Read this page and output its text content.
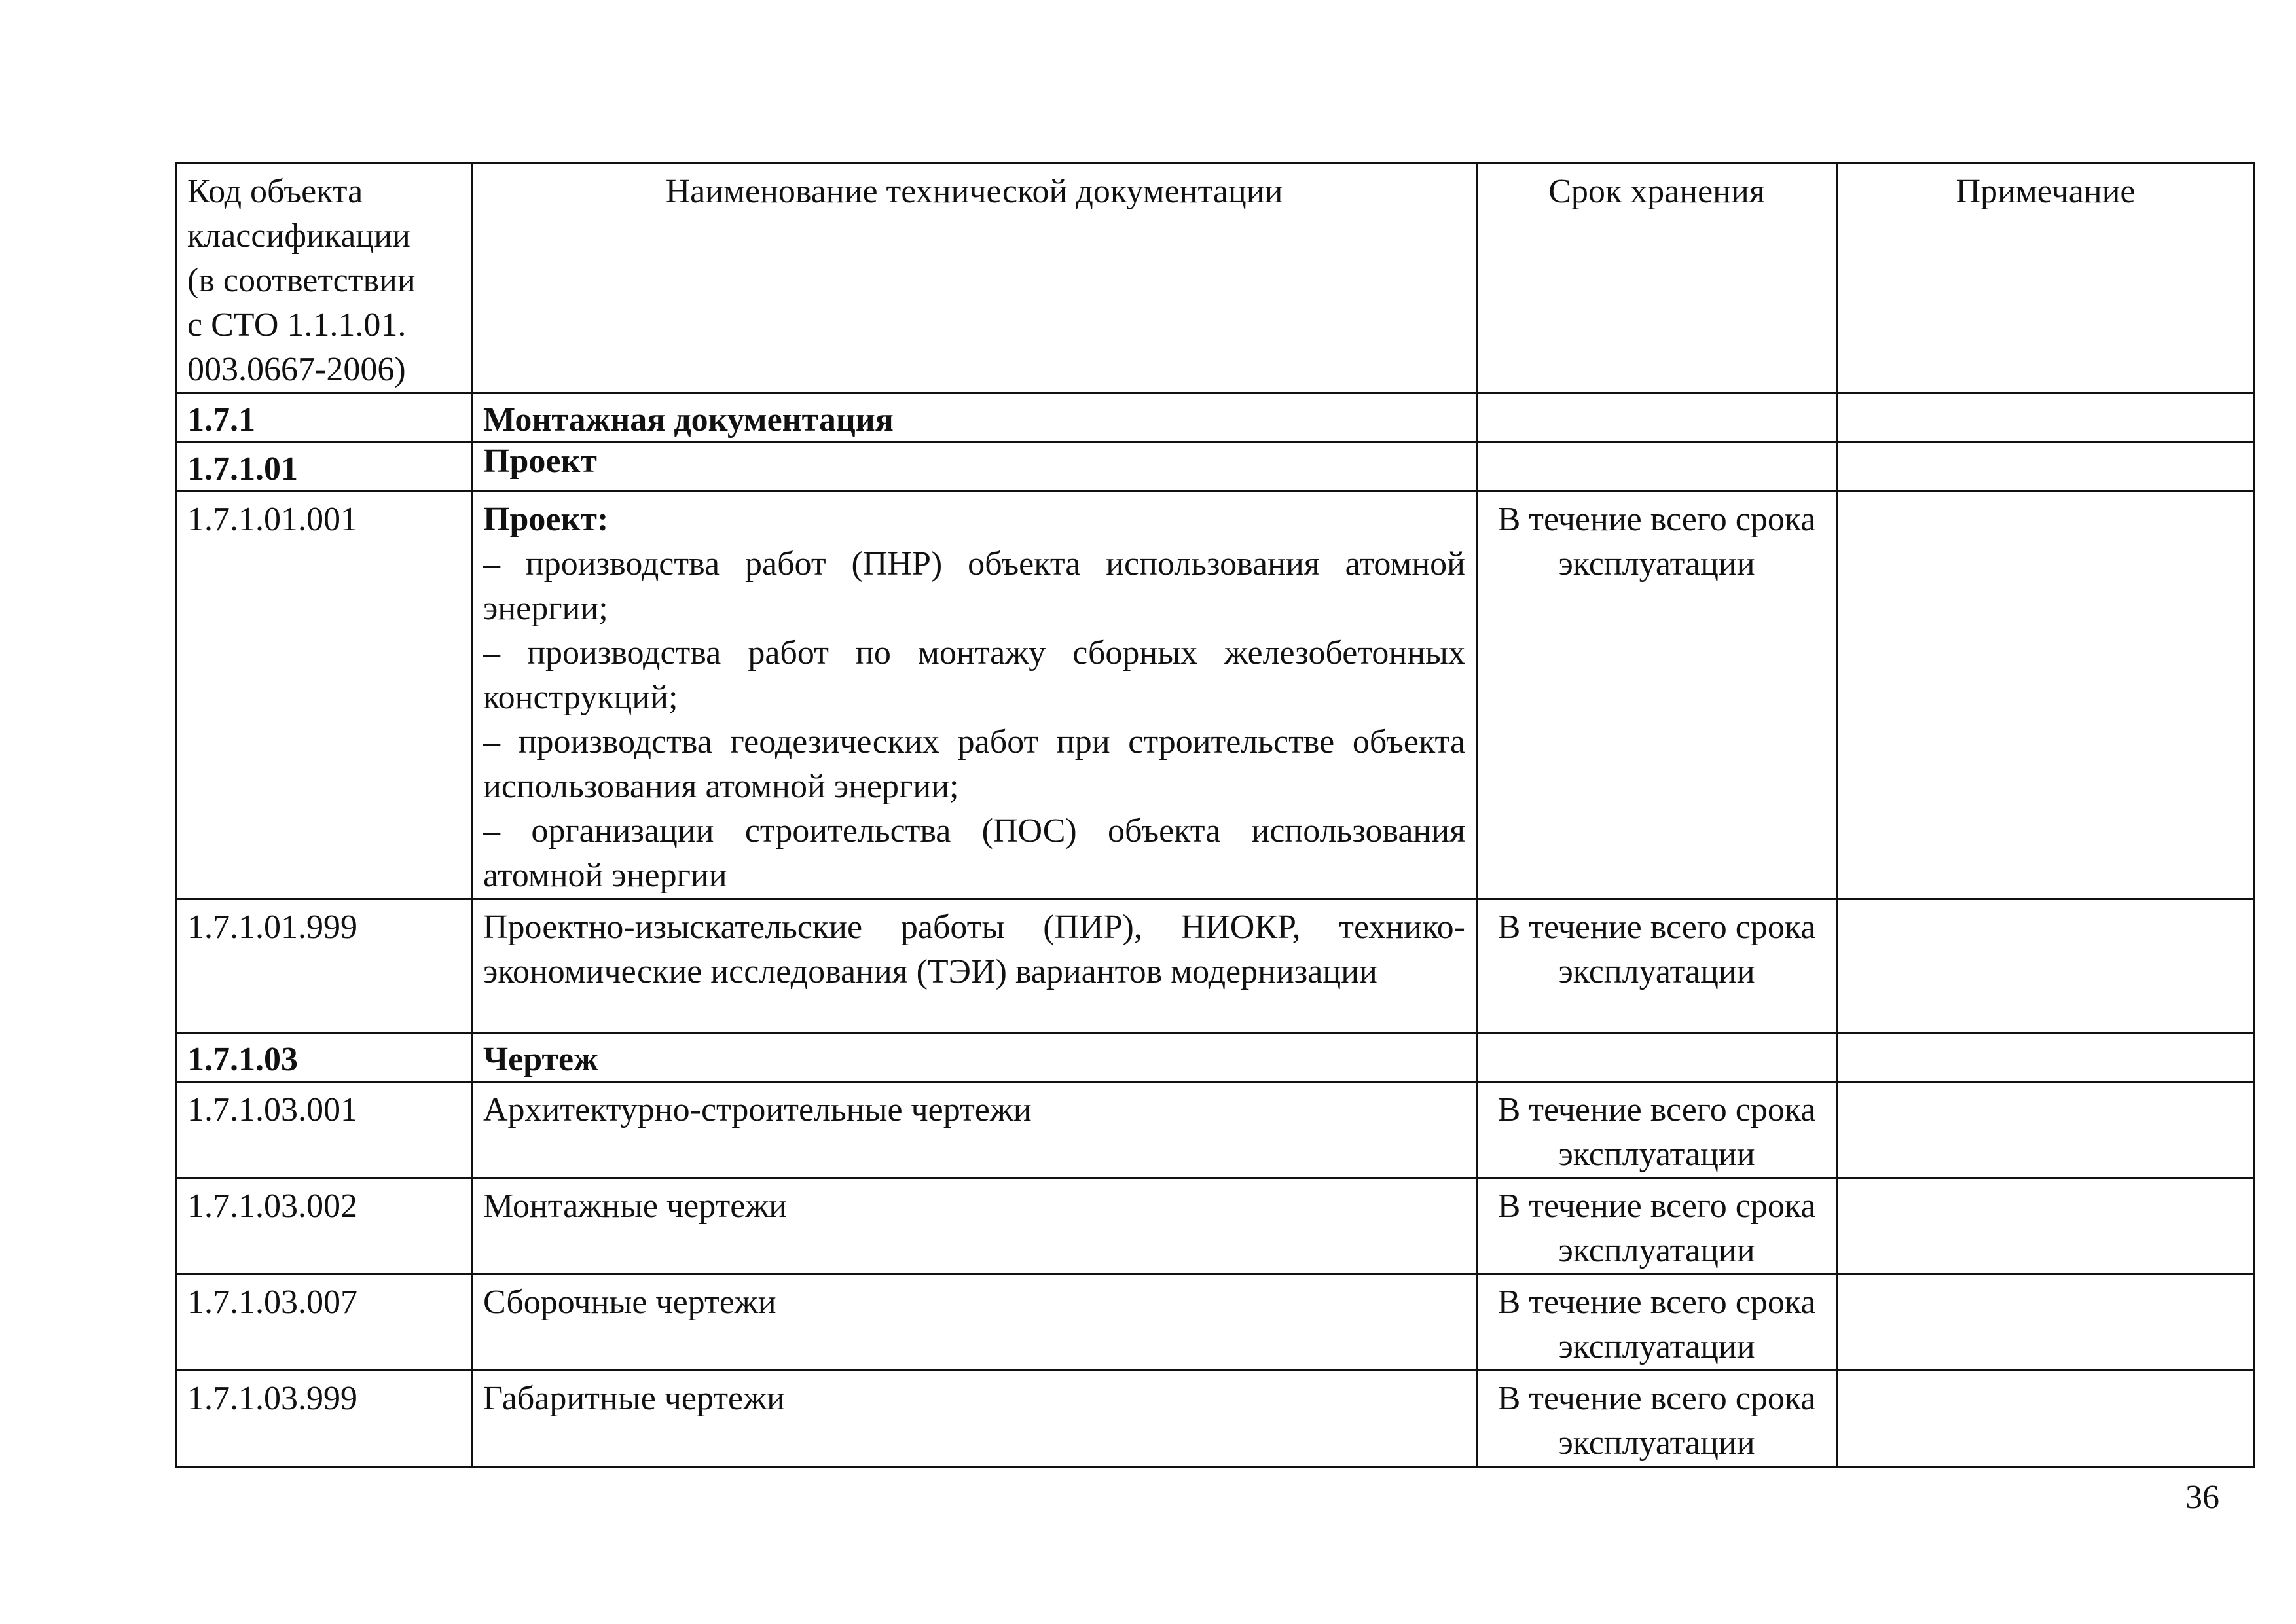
Код объекта
классификации
(в соответствии
с СТО 1.1.1.01.
003.0667-2006)	Наименование технической документации	Срок хранения	Примечание
1.7.1	Монтажная документация		
1.7.1.01	Проект		
1.7.1.01.001	Проект:
– производства работ (ПНР) объекта использования атомной энергии;
– производства работ по монтажу сборных железобетонных конструкций;
– производства геодезических работ при строительстве объекта использования атомной энергии;
– организации строительства (ПОС) объекта использования атомной энергии	В течение всего срока эксплуатации	
1.7.1.01.999	Проектно-изыскательские работы (ПИР), НИОКР, технико-экономические исследования (ТЭИ) вариантов модернизации	В течение всего срока эксплуатации	
1.7.1.03	Чертеж		
1.7.1.03.001	Архитектурно-строительные чертежи	В течение всего срока эксплуатации	
1.7.1.03.002	Монтажные чертежи	В течение всего срока эксплуатации	
1.7.1.03.007	Сборочные чертежи	В течение всего срока эксплуатации	
1.7.1.03.999	Габаритные чертежи	В течение всего срока эксплуатации	
36
